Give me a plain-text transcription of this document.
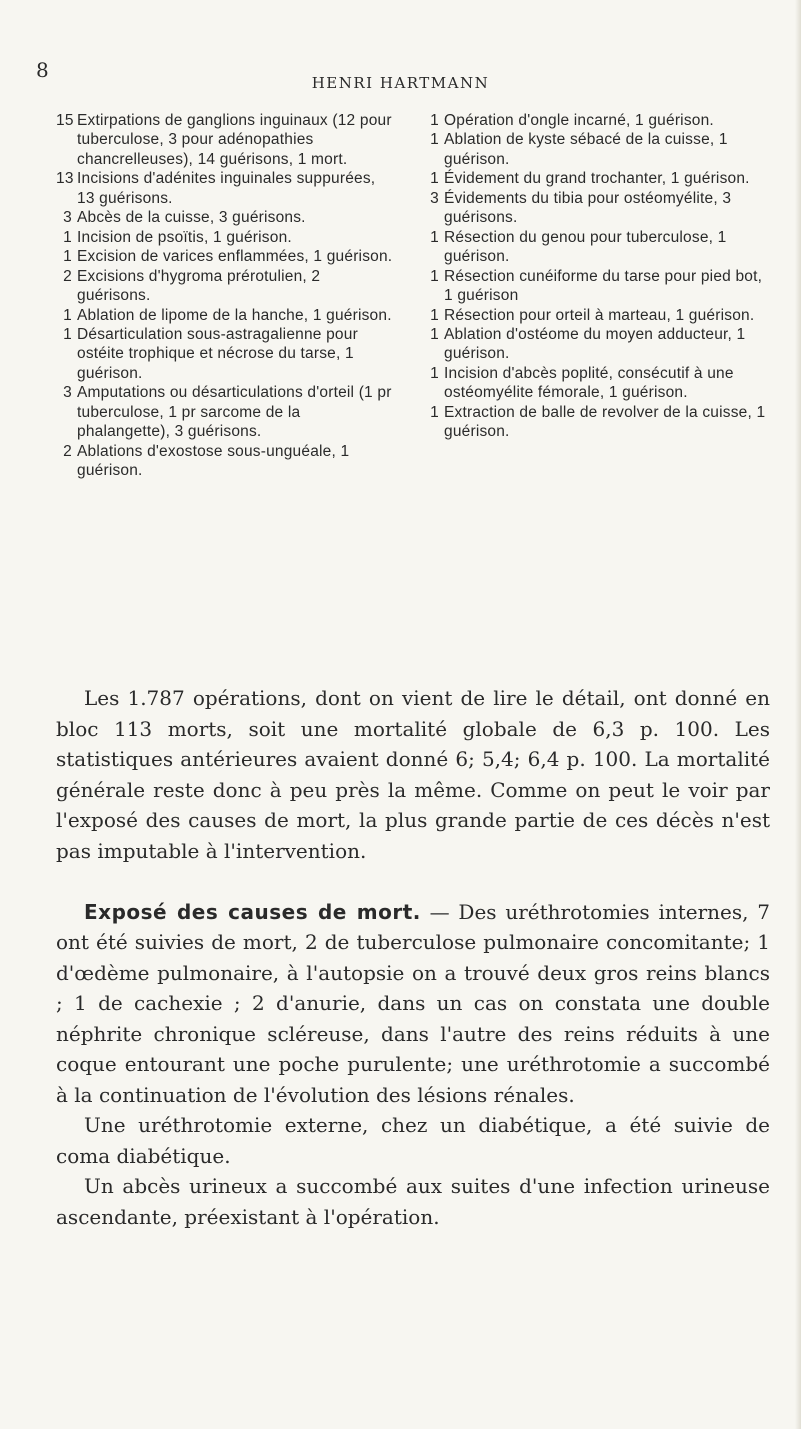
8
HENRI HARTMANN
15 Extirpations de ganglions inguinaux (12 pour tuberculose, 3 pour adénopathies chancrelleuses), 14 guérisons, 1 mort.
13 Incisions d'adénites inguinales suppurées, 13 guérisons.
3 Abcès de la cuisse, 3 guérisons.
1 Incision de psoïtis, 1 guérison.
1 Excision de varices enflammées, 1 guérison.
2 Excisions d'hygroma prérotulien, 2 guérisons.
1 Ablation de lipome de la hanche, 1 guérison.
1 Désarticulation sous-astragalienne pour ostéite trophique et nécrose du tarse, 1 guérison.
3 Amputations ou désarticulations d'orteil (1 pr tuberculose, 1 pr sarcome de la phalangette), 3 guérisons.
2 Ablations d'exostose sous-unguéale, 1 guérison.
1 Opération d'ongle incarné, 1 guérison.
1 Ablation de kyste sébacé de la cuisse, 1 guérison.
1 Évidement du grand trochanter, 1 guérison.
3 Évidements du tibia pour ostéomyélite, 3 guérisons.
1 Résection du genou pour tuberculose, 1 guérison.
1 Résection cunéiforme du tarse pour pied bot, 1 guérison
1 Résection pour orteil à marteau, 1 guérison.
1 Ablation d'ostéome du moyen adducteur, 1 guérison.
1 Incision d'abcès poplité, consécutif à une ostéomyélite fémorale, 1 guérison.
1 Extraction de balle de revolver de la cuisse, 1 guérison.

Les 1.787 opérations, dont on vient de lire le détail, ont donné en bloc 113 morts, soit une mortalité globale de 6,3 p. 100. Les statistiques antérieures avaient donné 6; 5,4; 6,4 p. 100. La mortalité générale reste donc à peu près la même. Comme on peut le voir par l'exposé des causes de mort, la plus grande partie de ces décès n'est pas imputable à l'intervention.

Exposé des causes de mort. — Des uréthrotomies internes, 7 ont été suivies de mort, 2 de tuberculose pulmonaire concomitante; 1 d'œdème pulmonaire, à l'autopsie on a trouvé deux gros reins blancs ; 1 de cachexie ; 2 d'anurie, dans un cas on constata une double néphrite chronique scléreuse, dans l'autre des reins réduits à une coque entourant une poche purulente; une uréthrotomie a succombé à la continuation de l'évolution des lésions rénales.

Une uréthrotomie externe, chez un diabétique, a été suivie de coma diabétique.

Un abcès urineux a succombé aux suites d'une infection urineuse ascendante, préexistant à l'opération.
